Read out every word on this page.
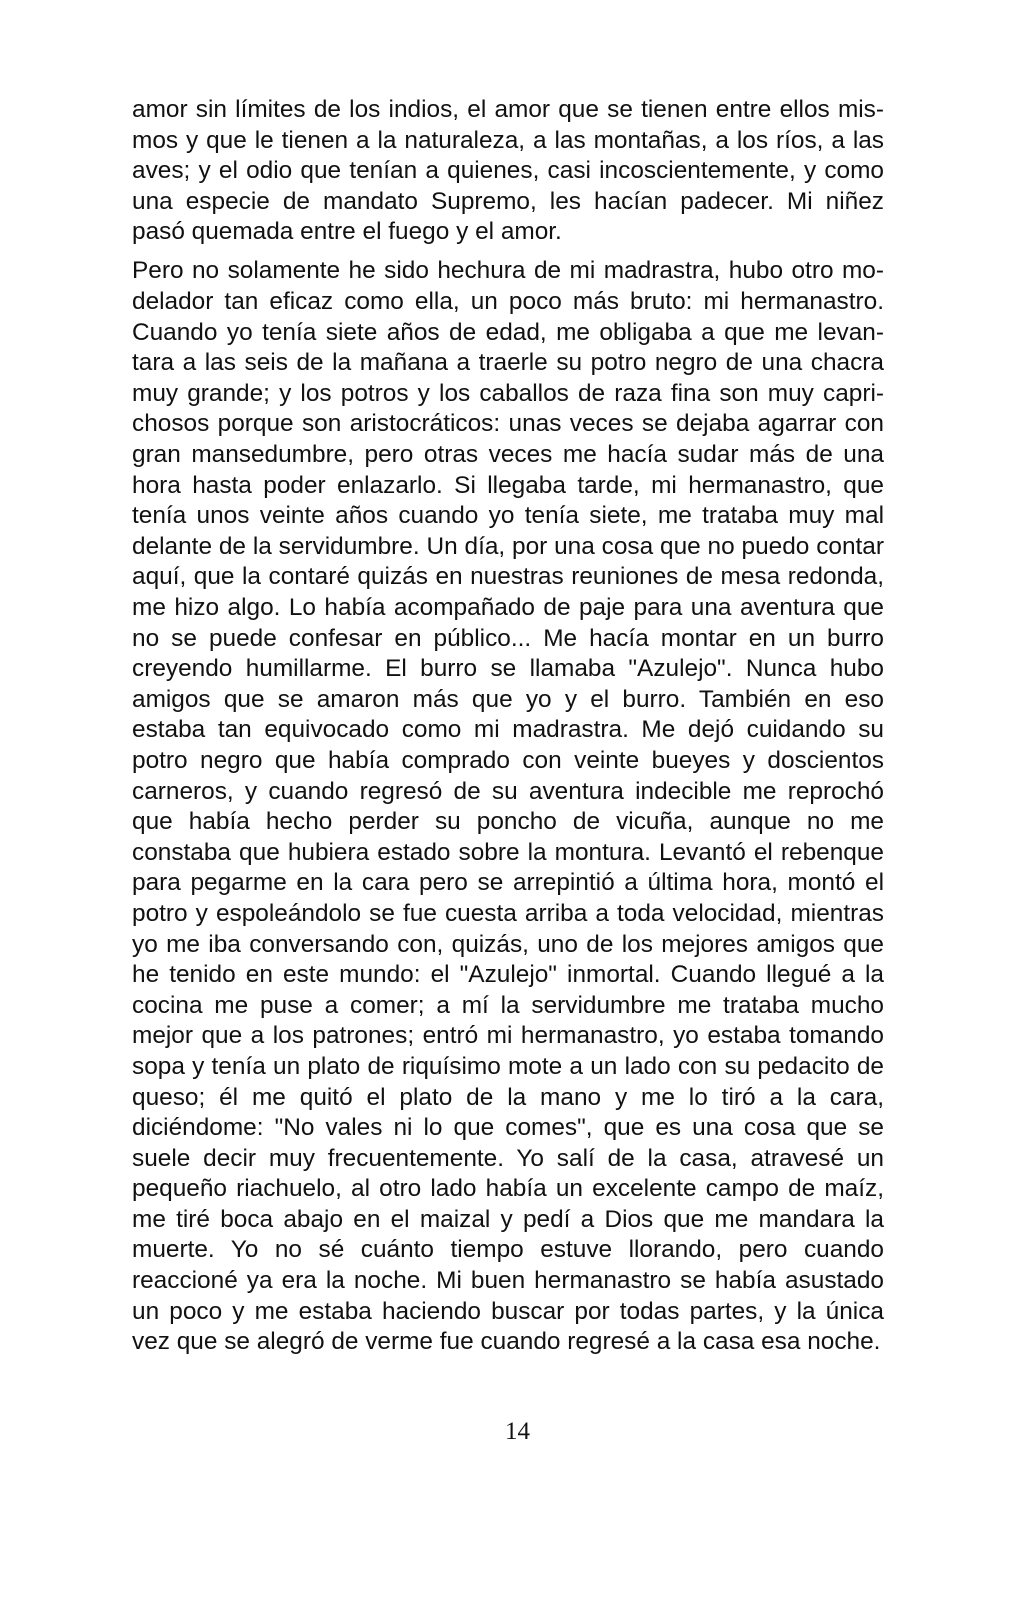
amor sin límites de los indios, el amor que se tienen entre ellos mismos y que le tienen a la naturaleza, a las montañas, a los ríos, a las aves; y el odio que tenían a quienes, casi incoscientemente, y como una especie de mandato Supremo, les hacían padecer. Mi niñez pasó quemada entre el fuego y el amor.

Pero no solamente he sido hechura de mi madrastra, hubo otro modelador tan eficaz como ella, un poco más bruto: mi hermanastro. Cuando yo tenía siete años de edad, me obligaba a que me levantara a las seis de la mañana a traerle su potro negro de una chacra muy grande; y los potros y los caballos de raza fina son muy caprichosos porque son aristocráticos: unas veces se dejaba agarrar con gran mansedumbre, pero otras veces me hacía sudar más de una hora hasta poder enlazarlo. Si llegaba tarde, mi hermanastro, que tenía unos veinte años cuando yo tenía siete, me trataba muy mal delante de la servidumbre. Un día, por una cosa que no puedo contar aquí, que la contaré quizás en nuestras reuniones de mesa redonda, me hizo algo. Lo había acompañado de paje para una aventura que no se puede confesar en público... Me hacía montar en un burro creyendo humillarme. El burro se llamaba "Azulejo". Nunca hubo amigos que se amaron más que yo y el burro. También en eso estaba tan equivocado como mi madrastra. Me dejó cuidando su potro negro que había comprado con veinte bueyes y doscientos carneros, y cuando regresó de su aventura indecible me reprochó que había hecho perder su poncho de vicuña, aunque no me constaba que hubiera estado sobre la montura. Levantó el rebenque para pegarme en la cara pero se arrepintió a última hora, montó el potro y espoleándolo se fue cuesta arriba a toda velocidad, mientras yo me iba conversando con, quizás, uno de los mejores amigos que he tenido en este mundo: el "Azulejo" inmortal. Cuando llegué a la cocina me puse a comer; a mí la servidumbre me trataba mucho mejor que a los patrones; entró mi hermanastro, yo estaba tomando sopa y tenía un plato de riquísimo mote a un lado con su pedacito de queso; él me quitó el plato de la mano y me lo tiró a la cara, diciéndome: "No vales ni lo que comes", que es una cosa que se suele decir muy frecuentemente. Yo salí de la casa, atravesé un pequeño riachuelo, al otro lado había un excelente campo de maíz, me tiré boca abajo en el maizal y pedí a Dios que me mandara la muerte. Yo no sé cuánto tiempo estuve llorando, pero cuando reaccioné ya era la noche. Mi buen hermanastro se había asustado un poco y me estaba haciendo buscar por todas partes, y la única vez que se alegró de verme fue cuando regresé a la casa esa noche.

14
